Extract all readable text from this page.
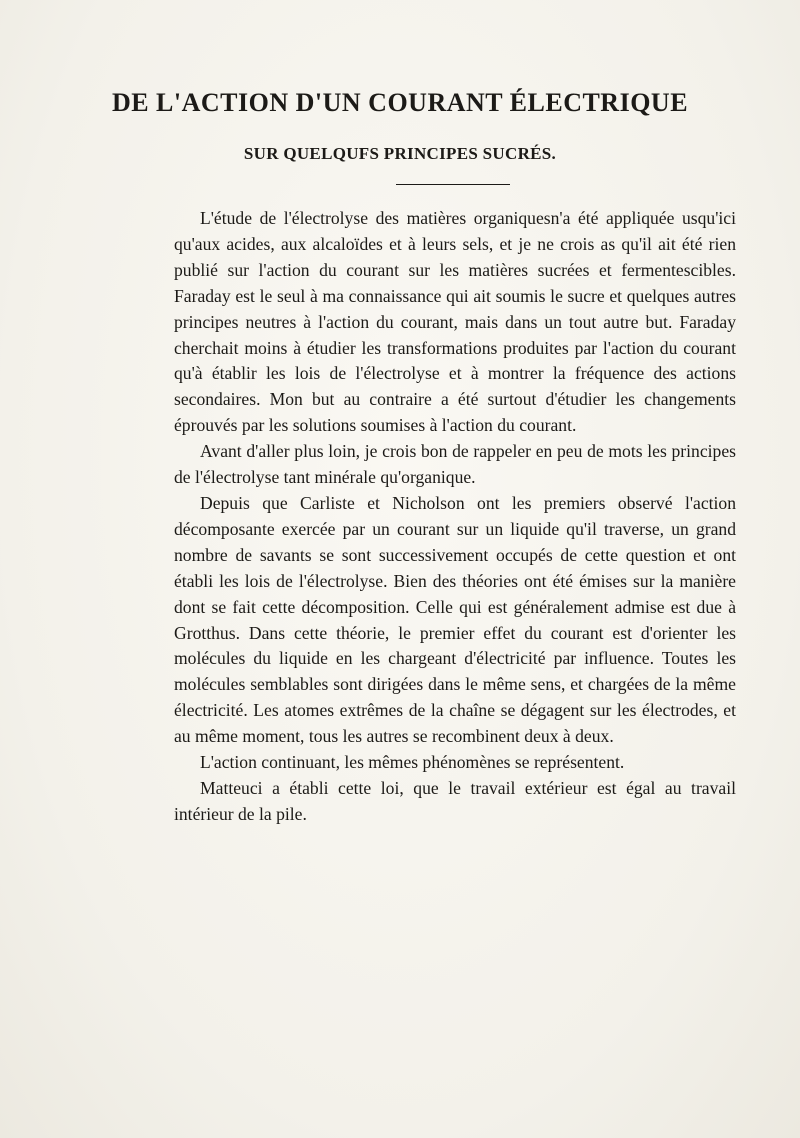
DE L'ACTION D'UN COURANT ÉLECTRIQUE
SUR QUELQUFS PRINCIPES SUCRÉS.

L'étude de l'électrolyse des matières organiquesn'a été appliquée usqu'ici qu'aux acides, aux alcaloïdes et à leurs sels, et je ne crois as qu'il ait été rien publié sur l'action du courant sur les matières sucrées et fermentescibles. Faraday est le seul à ma connaissance qui ait soumis le sucre et quelques autres principes neutres à l'action du courant, mais dans un tout autre but. Faraday cherchait moins à étudier les transformations produites par l'action du courant qu'à établir les lois de l'électrolyse et à montrer la fréquence des actions secondaires. Mon but au contraire a été surtout d'étudier les changements éprouvés par les solutions soumises à l'action du courant.

Avant d'aller plus loin, je crois bon de rappeler en peu de mots les principes de l'électrolyse tant minérale qu'organique.

Depuis que Carliste et Nicholson ont les premiers observé l'action décomposante exercée par un courant sur un liquide qu'il traverse, un grand nombre de savants se sont successivement occupés de cette question et ont établi les lois de l'électrolyse. Bien des théories ont été émises sur la manière dont se fait cette décomposition. Celle qui est généralement admise est due à Grotthus. Dans cette théorie, le premier effet du courant est d'orienter les molécules du liquide en les chargeant d'électricité par influence. Toutes les molécules semblables sont dirigées dans le même sens, et chargées de la même électricité. Les atomes extrêmes de la chaîne se dégagent sur les électrodes, et au même moment, tous les autres se recombinent deux à deux.

L'action continuant, les mêmes phénomènes se représentent.

Matteuci a établi cette loi, que le travail extérieur est égal au travail intérieur de la pile.
